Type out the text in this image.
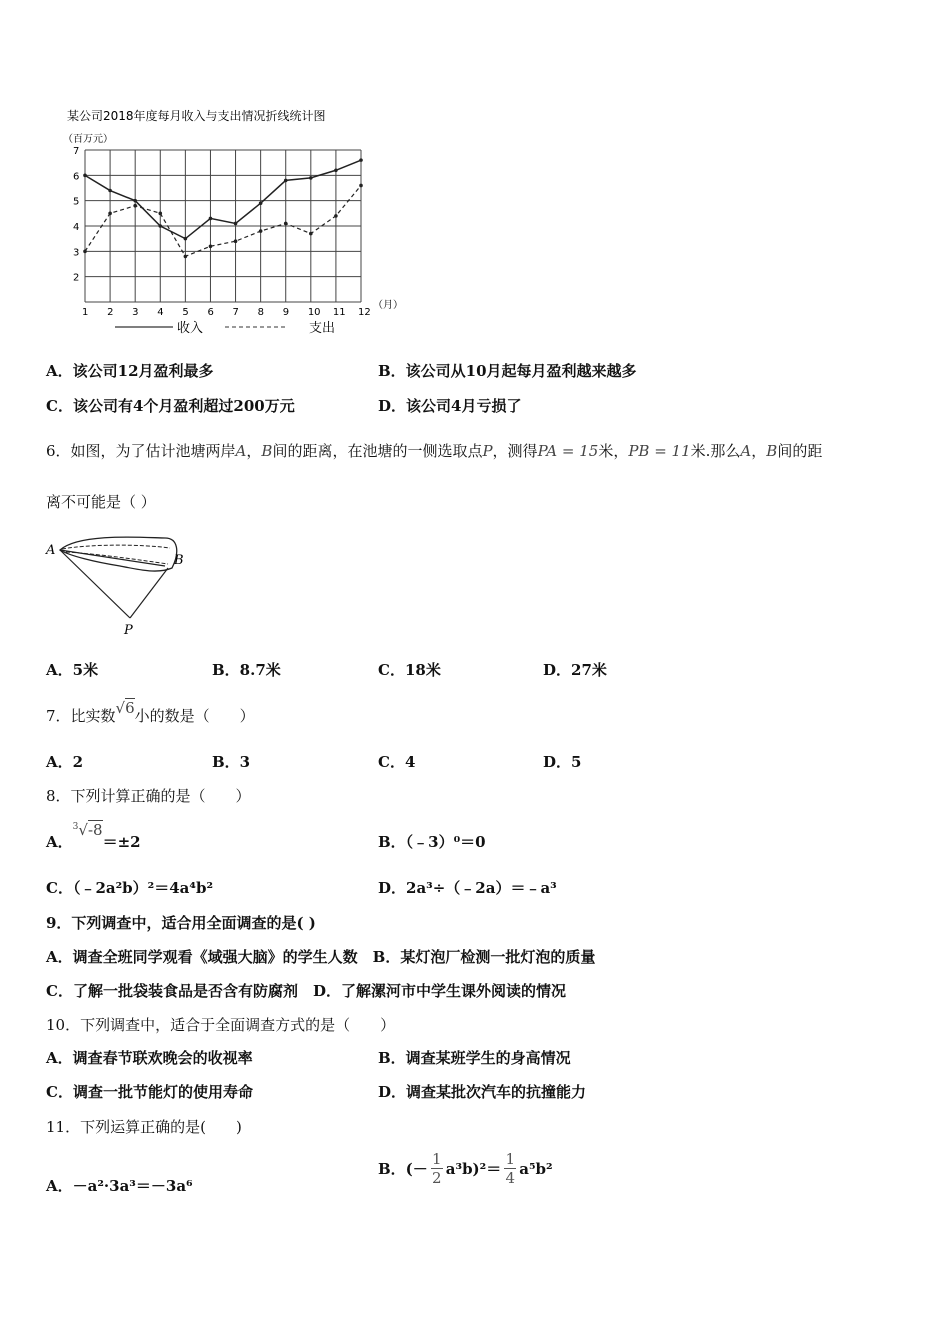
某公司2018年度每月收入与支出情况折线统计图
（百万元）
2
3
4
5
6
7
1 2 3 4 5 6 7 8 9 10 11 12
（月）
收入	支出
A．该公司12月盈利最多	B．该公司从10月起每月盈利越来越多
C．该公司有4个月盈利超过200万元	D．该公司4月亏损了
6．如图，为了估计池塘两岸A，B间的距离，在池塘的一侧选取点P，测得PA = 15米，PB = 11米.那么A，B间的距
离不可能是（ ）
A
B
P
A．5米	B．8.7米	C．18米	D．27米
7．比实数√6小的数是（　　）
A．2	B．3	C．4	D．5
8．下列计算正确的是（　　）
A．$^3$√-8＝±2	B．（﹣3）⁰＝0
C．（﹣2a²b）²＝4a⁴b²	D．2a³÷（﹣2a）＝﹣a³
9．下列调查中，适合用全面调查的是( )
A．调查全班同学观看《域强大脑》的学生人数　B．某灯泡厂检测一批灯泡的质量
C．了解一批袋装食品是否含有防腐剂　D．了解漯河市中学生课外阅读的情况
10．下列调查中，适合于全面调查方式的是（　　）
A．调查春节联欢晚会的收视率	B．调查某班学生的身高情况
C．调查一批节能灯的使用寿命	D．调查某批次汽车的抗撞能力
11．下列运算正确的是(　　)
A．－a²·3a³＝－3a⁶
B．(－
1
2 a³b)²＝
1
4
a⁵b²
